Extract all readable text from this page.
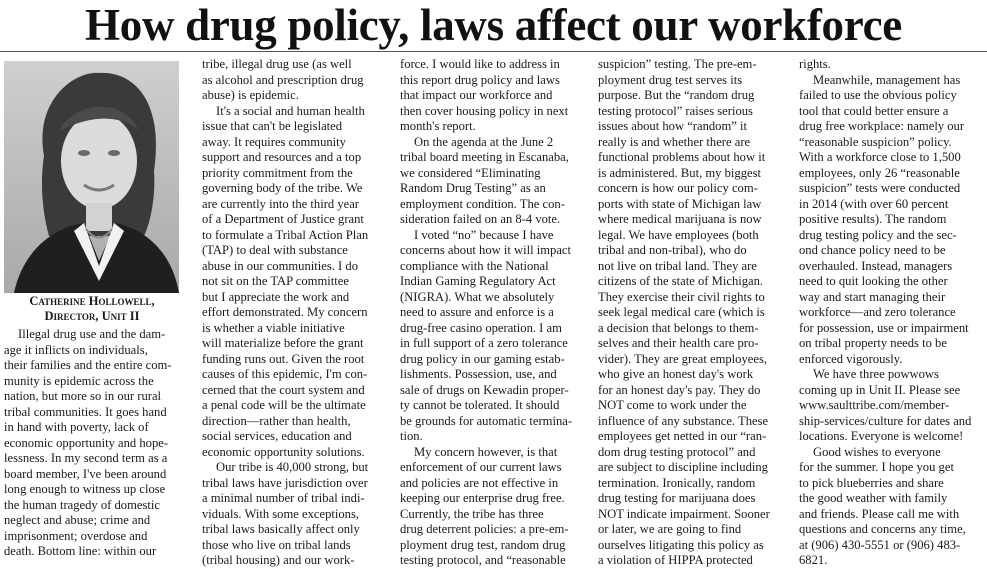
How drug policy, laws affect our workforce
Catherine Hollowell,
Director, Unit II

Illegal drug use and the dam-
age it inflicts on individuals,
their families and the entire com-
munity is epidemic across the
nation, but more so in our rural
tribal communities. It goes hand
in hand with poverty, lack of
economic opportunity and hope-
lessness. In my second term as a
board member, I've been around
long enough to witness up close
the human tragedy of domestic
neglect and abuse; crime and
imprisonment; overdose and
death. Bottom line: within our

tribe, illegal drug use (as well
as alcohol and prescription drug
abuse) is epidemic.

It's a social and human health
issue that can't be legislated
away. It requires community
support and resources and a top
priority commitment from the
governing body of the tribe. We
are currently into the third year
of a Department of Justice grant
to formulate a Tribal Action Plan
(TAP) to deal with substance
abuse in our communities. I do
not sit on the TAP committee
but I appreciate the work and
effort demonstrated. My concern
is whether a viable initiative
will materialize before the grant
funding runs out. Given the root
causes of this epidemic, I'm con-
cerned that the court system and
a penal code will be the ultimate
direction—rather than health,
social services, education and
economic opportunity solutions.

Our tribe is 40,000 strong, but
tribal laws have jurisdiction over
a minimal number of tribal indi-
viduals. With some exceptions,
tribal laws basically affect only
those who live on tribal lands
(tribal housing) and our work-

force. I would like to address in
this report drug policy and laws
that impact our workforce and
then cover housing policy in next
month's report.

On the agenda at the June 2
tribal board meeting in Escanaba,
we considered “Eliminating
Random Drug Testing” as an
employment condition. The con-
sideration failed on an 8-4 vote.

I voted “no” because I have
concerns about how it will impact
compliance with the National
Indian Gaming Regulatory Act
(NIGRA). What we absolutely
need to assure and enforce is a
drug-free casino operation. I am
in full support of a zero tolerance
drug policy in our gaming estab-
lishments. Possession, use, and
sale of drugs on Kewadin proper-
ty cannot be tolerated. It should
be grounds for automatic termina-
tion.

My concern however, is that
enforcement of our current laws
and policies are not effective in
keeping our enterprise drug free.
Currently, the tribe has three
drug deterrent policies: a pre-em-
ployment drug test, random drug
testing protocol, and “reasonable

suspicion” testing. The pre-em-
ployment drug test serves its
purpose. But the “random drug
testing protocol” raises serious
issues about how “random” it
really is and whether there are
functional problems about how it
is administered. But, my biggest
concern is how our policy com-
ports with state of Michigan law
where medical marijuana is now
legal. We have employees (both
tribal and non-tribal), who do
not live on tribal land. They are
citizens of the state of Michigan.
They exercise their civil rights to
seek legal medical care (which is
a decision that belongs to them-
selves and their health care pro-
vider). They are great employees,
who give an honest day's work
for an honest day's pay. They do
NOT come to work under the
influence of any substance. These
employees get netted in our “ran-
dom drug testing protocol” and
are subject to discipline including
termination. Ironically, random
drug testing for marijuana does
NOT indicate impairment. Sooner
or later, we are going to find
ourselves litigating this policy as
a violation of HIPPA protected

rights.

Meanwhile, management has
failed to use the obvious policy
tool that could better ensure a
drug free workplace: namely our
“reasonable suspicion” policy.
With a workforce close to 1,500
employees, only 26 “reasonable
suspicion” tests were conducted
in 2014 (with over 60 percent
positive results). The random
drug testing policy and the sec-
ond chance policy need to be
overhauled. Instead, managers
need to quit looking the other
way and start managing their
workforce—and zero tolerance
for possession, use or impairment
on tribal property needs to be
enforced vigorously.

We have three powwows
coming up in Unit II. Please see
www.saulttribe.com/member-
ship-services/culture for dates and
locations. Everyone is welcome!

Good wishes to everyone
for the summer. I hope you get
to pick blueberries and share
the good weather with family
and friends. Please call me with
questions and concerns any time,
at (906) 430-5551 or (906) 483-
6821.
